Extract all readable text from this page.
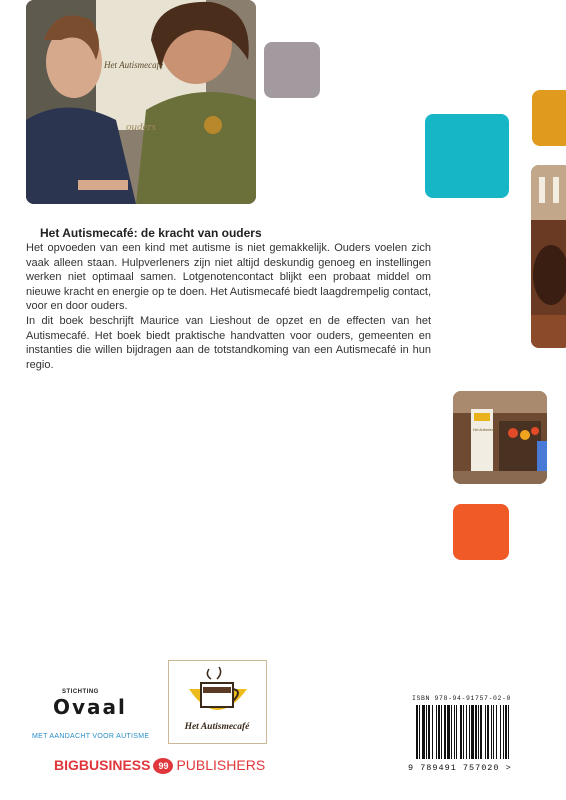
Het Autismecafé
ouders
Het Autismecafé
Het Autismecafé: de kracht van ouders

Het opvoeden van een kind met autisme is niet gemakkelijk. Ouders voelen zich vaak alleen staan. Hulpverleners zijn niet altijd deskundig genoeg en instellingen werken niet optimaal samen. Lotgenotencontact blijkt een probaat middel om nieuwe kracht en energie op te doen. Het Autismecafé biedt laagdrempelig contact, voor en door ouders.

In dit boek beschrijft Maurice van Lieshout de opzet en de effecten van het Autismecafé. Het boek biedt praktische handvatten voor ouders, gemeenten en instanties die willen bijdragen aan de totstandkoming van een Autismecafé in hun regio.

STICHTING
Ovaal
MET AANDACHT VOOR AUTISME
BIGBUSINESS 99 PUBLISHERS
Het Autismecafé
ISBN 978-94-91757-02-0
9 789491 757020 >
